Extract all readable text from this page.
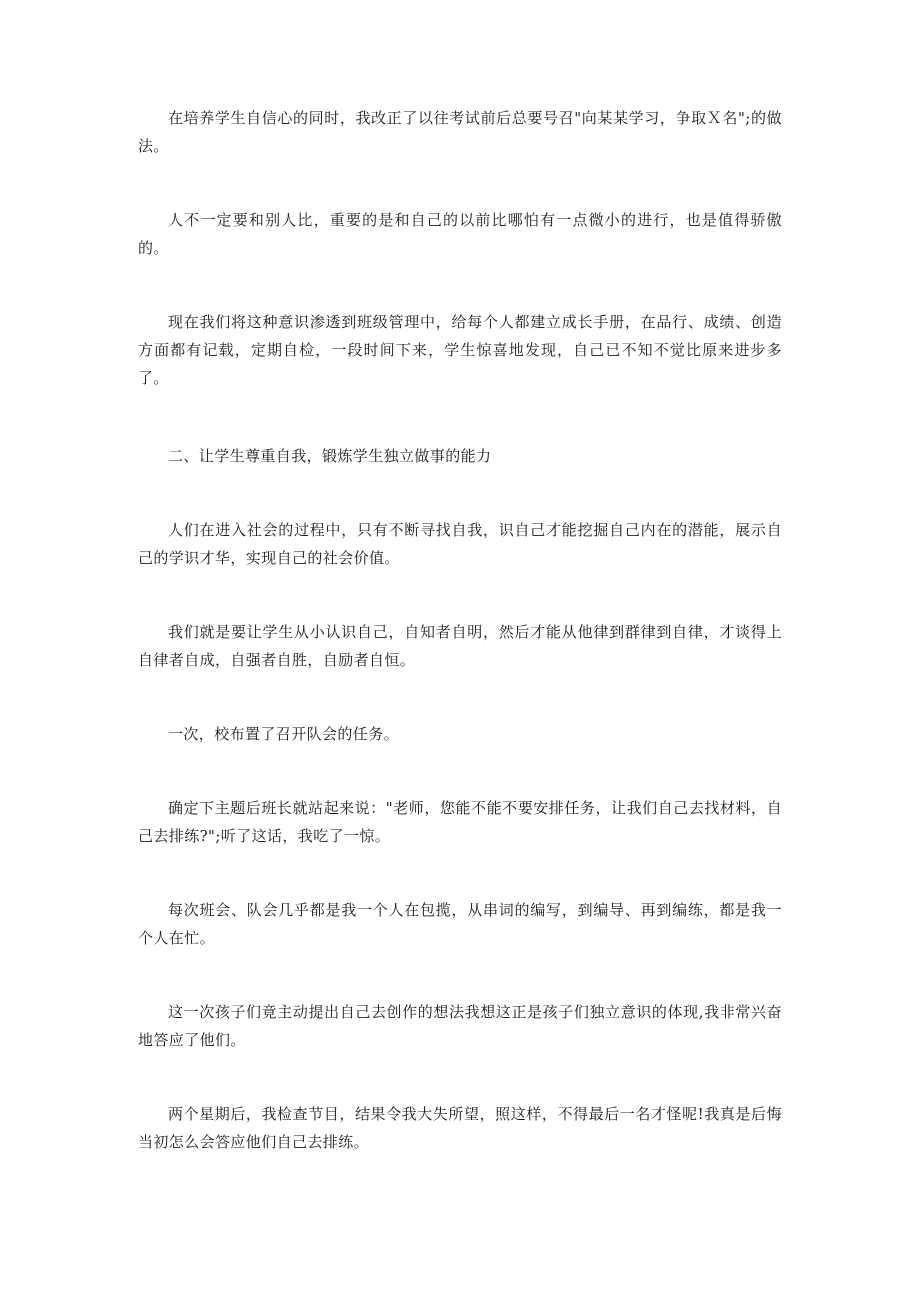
在培养学生自信心的同时，我改正了以往考试前后总要号召"向某某学习，争取Ｘ名";的做法。

人不一定要和别人比，重要的是和自己的以前比哪怕有一点微小的进行，也是值得骄傲的。

现在我们将这种意识渗透到班级管理中，给每个人都建立成长手册，在品行、成绩、创造方面都有记载，定期自检，一段时间下来，学生惊喜地发现，自己已不知不觉比原来进步多了。

二、让学生尊重自我，锻炼学生独立做事的能力

人们在进入社会的过程中，只有不断寻找自我，识自己才能挖掘自己内在的潜能，展示自己的学识才华，实现自己的社会价值。

我们就是要让学生从小认识自己，自知者自明，然后才能从他律到群律到自律，才谈得上自律者自成，自强者自胜，自励者自恒。

一次，校布置了召开队会的任务。

确定下主题后班长就站起来说："老师，您能不能不要安排任务，让我们自己去找材料，自己去排练?";听了这话，我吃了一惊。

每次班会、队会几乎都是我一个人在包揽，从串词的编写，到编导、再到编练，都是我一个人在忙。

这一次孩子们竟主动提出自己去创作的想法我想这正是孩子们独立意识的体现,我非常兴奋地答应了他们。

两个星期后，我检查节目，结果令我大失所望，照这样，不得最后一名才怪呢!我真是后悔当初怎么会答应他们自己去排练。
